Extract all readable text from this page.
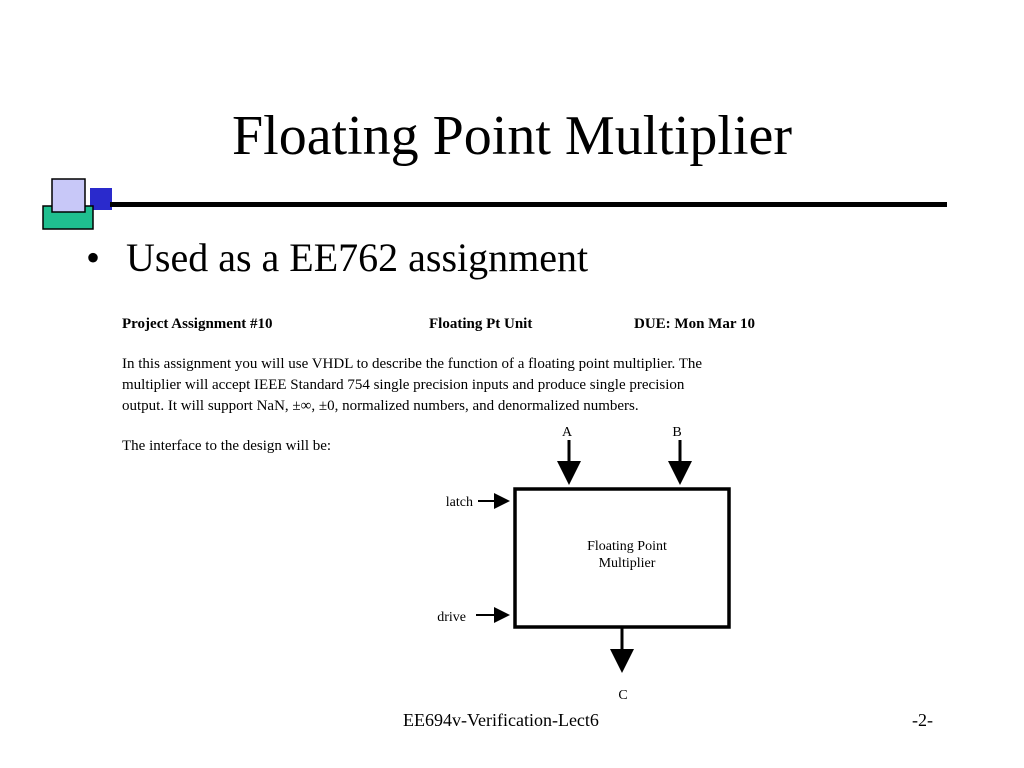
Floating Point Multiplier
• Used as a EE762 assignment
Project Assignment #10	Floating Pt Unit	DUE: Mon Mar 10

In this assignment you will use VHDL to describe the function of a floating point multiplier. The

multiplier will accept IEEE Standard 754 single precision inputs and produce single precision

output. It will support NaN, ±∞, ±0, normalized numbers, and denormalized numbers.

The interface to the design will be:
Floating Point
Multiplier
A	B
latch
drive
C
EE694v-Verification-Lect6	-2-
